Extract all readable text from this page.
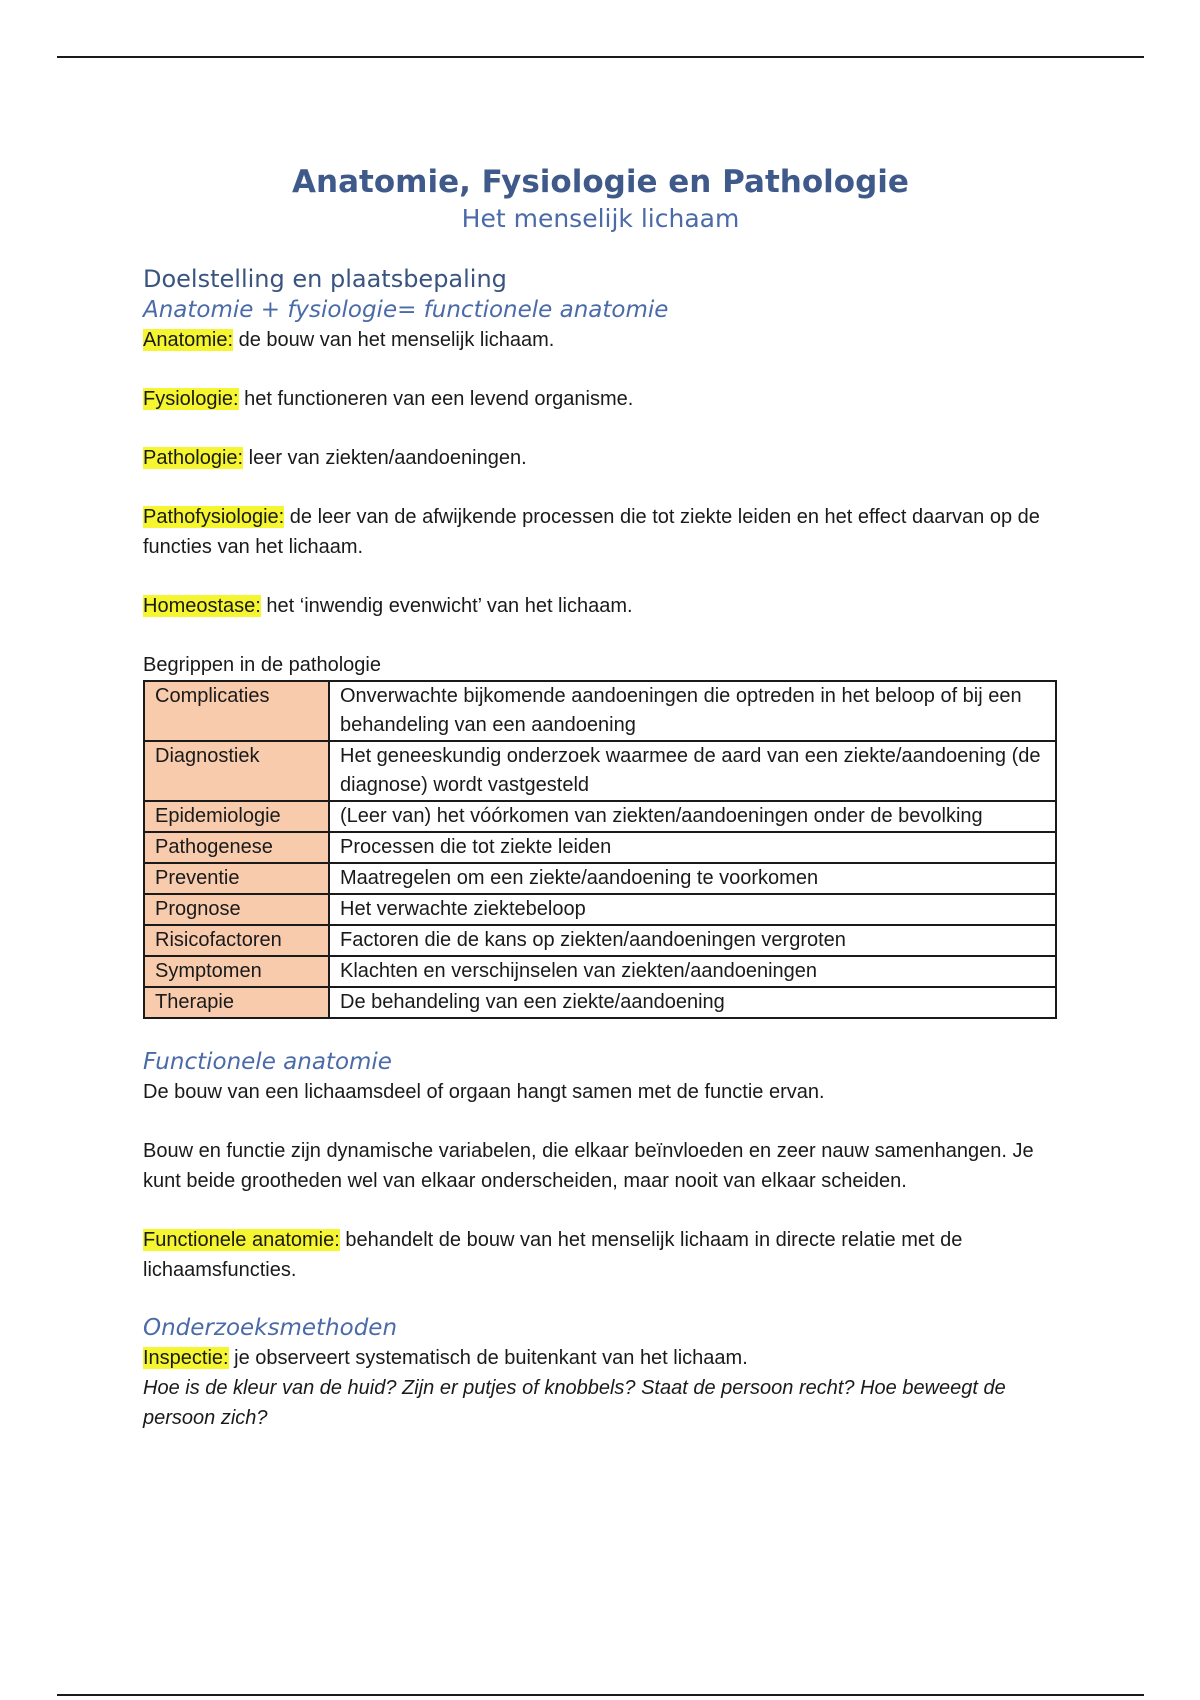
Anatomie, Fysiologie en Pathologie
Het menselijk lichaam
Doelstelling en plaatsbepaling
Anatomie + fysiologie= functionele anatomie

Anatomie: de bouw van het menselijk lichaam.

Fysiologie: het functioneren van een levend organisme.

Pathologie: leer van ziekten/aandoeningen.

Pathofysiologie: de leer van de afwijkende processen die tot ziekte leiden en het effect daarvan op de functies van het lichaam.

Homeostase: het ‘inwendig evenwicht’ van het lichaam.

Begrippen in de pathologie

Complicaties	Onverwachte bijkomende aandoeningen die optreden in het beloop of bij een behandeling van een aandoening
Diagnostiek	Het geneeskundig onderzoek waarmee de aard van een ziekte/aandoening (de diagnose) wordt vastgesteld
Epidemiologie	(Leer van) het vóórkomen van ziekten/aandoeningen onder de bevolking
Pathogenese	Processen die tot ziekte leiden
Preventie	Maatregelen om een ziekte/aandoening te voorkomen
Prognose	Het verwachte ziektebeloop
Risicofactoren	Factoren die de kans op ziekten/aandoeningen vergroten
Symptomen	Klachten en verschijnselen van ziekten/aandoeningen
Therapie	De behandeling van een ziekte/aandoening
Functionele anatomie

De bouw van een lichaamsdeel of orgaan hangt samen met de functie ervan.

Bouw en functie zijn dynamische variabelen, die elkaar beïnvloeden en zeer nauw samenhangen. Je kunt beide grootheden wel van elkaar onderscheiden, maar nooit van elkaar scheiden.

Functionele anatomie: behandelt de bouw van het menselijk lichaam in directe relatie met de lichaamsfuncties.

Onderzoeksmethoden

Inspectie: je observeert systematisch de buitenkant van het lichaam.

Hoe is de kleur van de huid? Zijn er putjes of knobbels? Staat de persoon recht? Hoe beweegt de persoon zich?
